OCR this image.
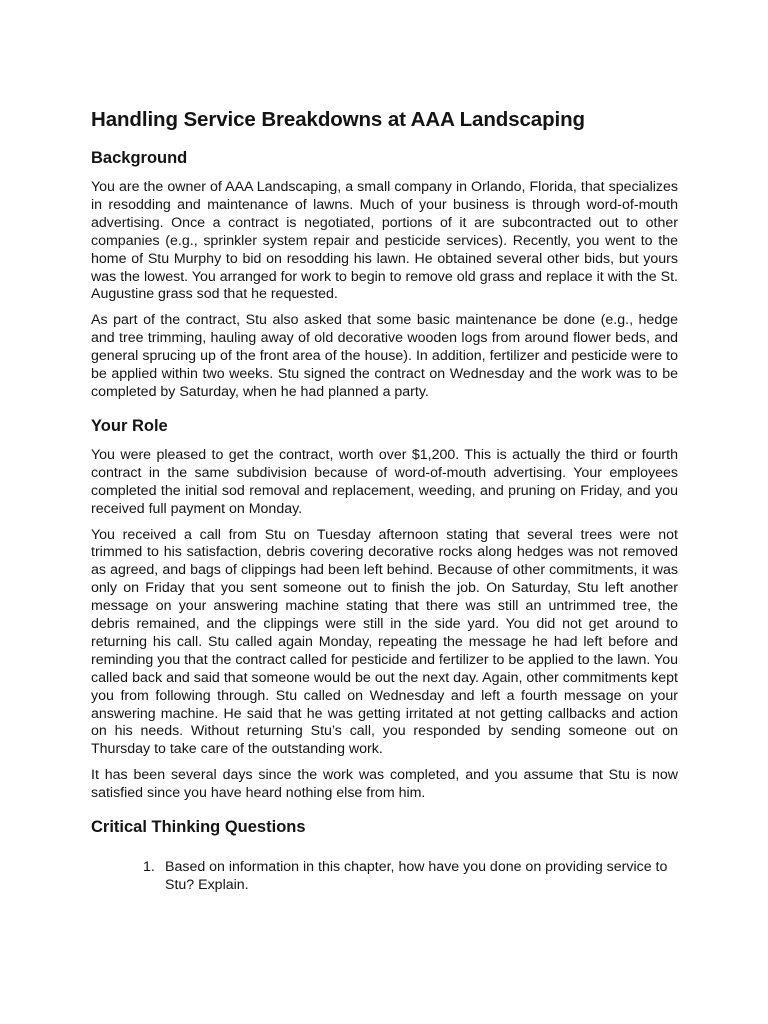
Handling Service Breakdowns at AAA Landscaping
Background

You are the owner of AAA Landscaping, a small company in Orlando, Florida, that specializes in resodding and maintenance of lawns. Much of your business is through word-of-mouth advertising. Once a contract is negotiated, portions of it are subcontracted out to other companies (e.g., sprinkler system repair and pesticide services). Recently, you went to the home of Stu Murphy to bid on resodding his lawn. He obtained several other bids, but yours was the lowest. You arranged for work to begin to remove old grass and replace it with the St. Augustine grass sod that he requested.

As part of the contract, Stu also asked that some basic maintenance be done (e.g., hedge and tree trimming, hauling away of old decorative wooden logs from around flower beds, and general sprucing up of the front area of the house). In addition, fertilizer and pesticide were to be applied within two weeks. Stu signed the contract on Wednesday and the work was to be completed by Saturday, when he had planned a party.

Your Role

You were pleased to get the contract, worth over $1,200. This is actually the third or fourth contract in the same subdivision because of word-of-mouth advertising. Your employees completed the initial sod removal and replacement, weeding, and pruning on Friday, and you received full payment on Monday.

You received a call from Stu on Tuesday afternoon stating that several trees were not trimmed to his satisfaction, debris covering decorative rocks along hedges was not removed as agreed, and bags of clippings had been left behind. Because of other commitments, it was only on Friday that you sent someone out to finish the job. On Saturday, Stu left another message on your answering machine stating that there was still an untrimmed tree, the debris remained, and the clippings were still in the side yard. You did not get around to returning his call. Stu called again Monday, repeating the message he had left before and reminding you that the contract called for pesticide and fertilizer to be applied to the lawn. You called back and said that someone would be out the next day. Again, other commitments kept you from following through. Stu called on Wednesday and left a fourth message on your answering machine. He said that he was getting irritated at not getting callbacks and action on his needs. Without returning Stu’s call, you responded by sending someone out on Thursday to take care of the outstanding work.

It has been several days since the work was completed, and you assume that Stu is now satisfied since you have heard nothing else from him.

Critical Thinking Questions
1. Based on information in this chapter, how have you done on providing service to Stu? Explain.
